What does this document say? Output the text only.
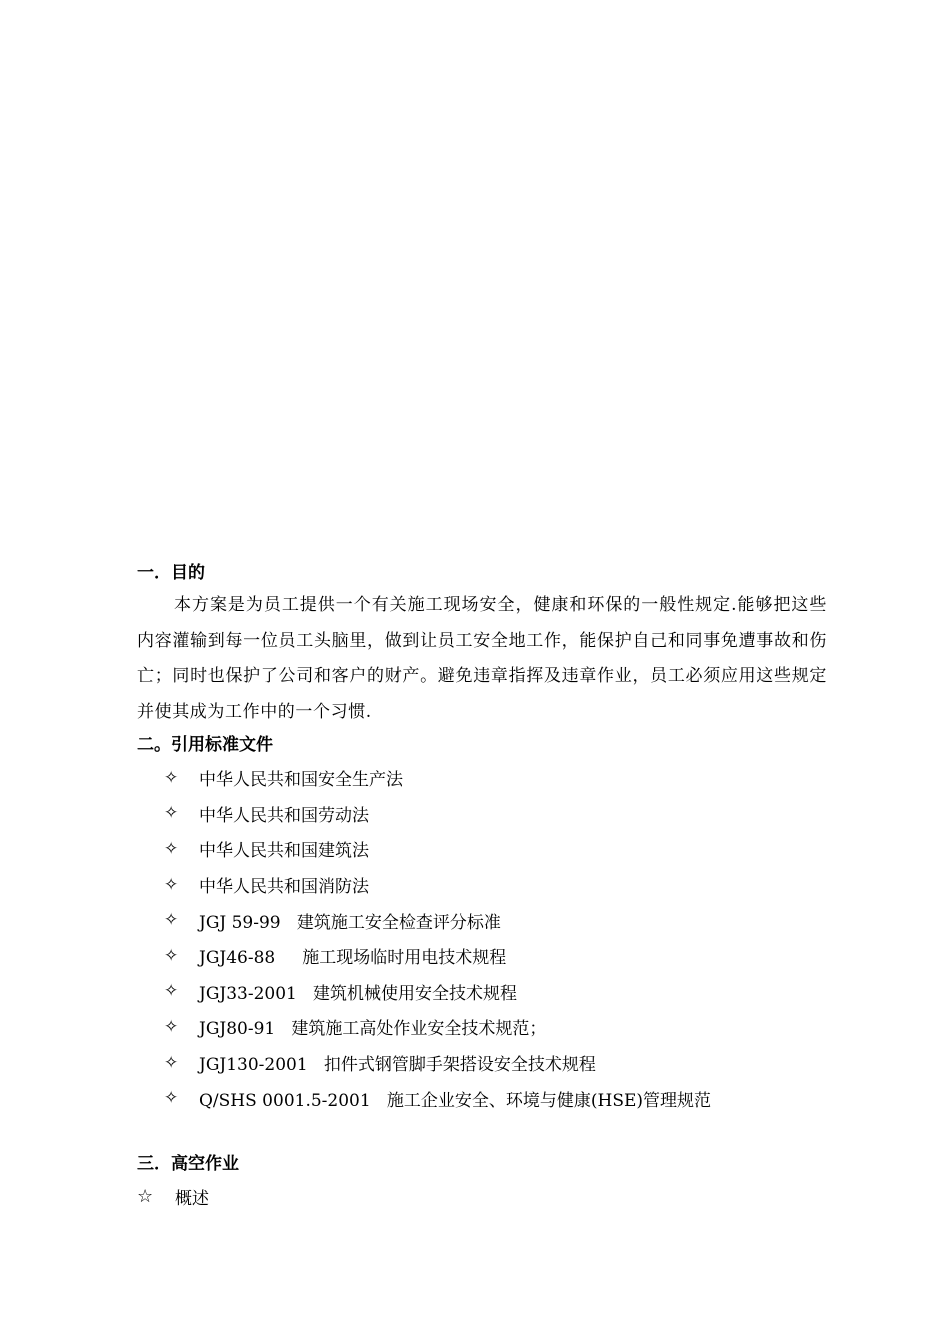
一．目的

本方案是为员工提供一个有关施工现场安全，健康和环保的一般性规定.能够把这些内容灌输到每一位员工头脑里，做到让员工安全地工作，能保护自己和同事免遭事故和伤亡；同时也保护了公司和客户的财产。避免违章指挥及违章作业，员工必须应用这些规定并使其成为工作中的一个习惯.

二。引用标准文件
✧	中华人民共和国安全生产法
✧	中华人民共和国劳动法
✧	中华人民共和国建筑法
✧	中华人民共和国消防法
✧	JGJ 59-99   建筑施工安全检查评分标准
✧	JGJ46-88     施工现场临时用电技术规程
✧	JGJ33-2001   建筑机械使用安全技术规程
✧	JGJ80-91   建筑施工高处作业安全技术规范；
✧	JGJ130-2001   扣件式钢管脚手架搭设安全技术规程
✧	Q/SHS 0001.5-2001   施工企业安全、环境与健康(HSE)管理规范
三．高空作业
☆	概述
